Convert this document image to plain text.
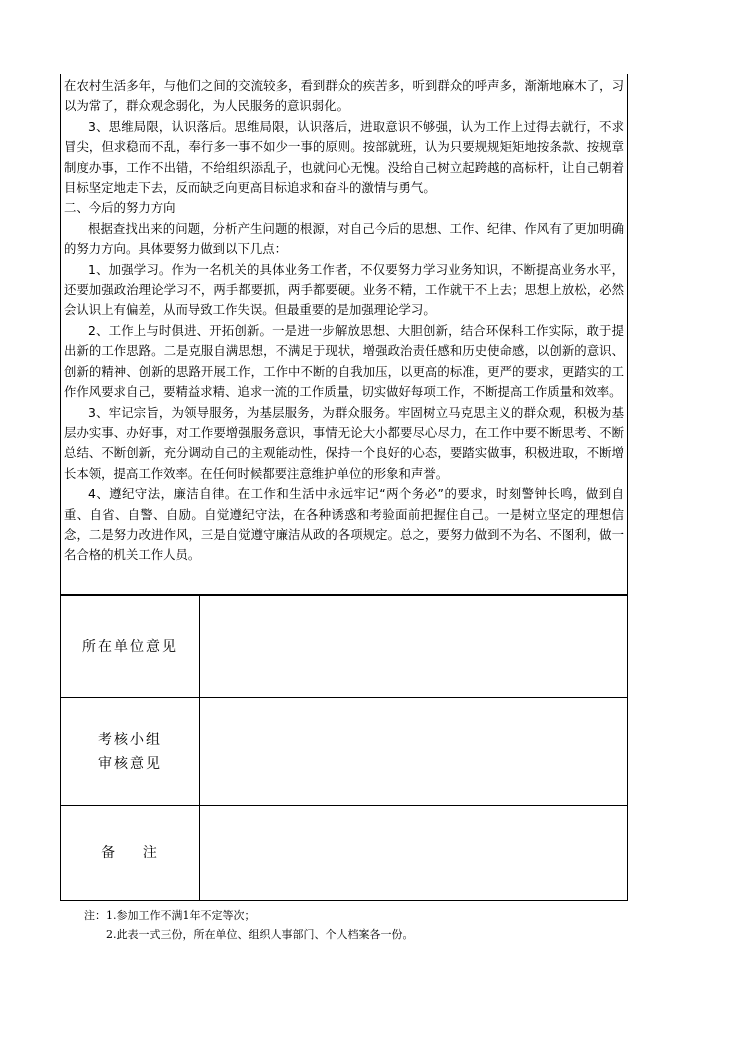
在农村生活多年，与他们之间的交流较多，看到群众的疾苦多，听到群众的呼声多，渐渐地麻木了，习以为常了，群众观念弱化，为人民服务的意识弱化。

3、思维局限，认识落后。思维局限，认识落后，进取意识不够强，认为工作上过得去就行，不求冒尖，但求稳而不乱，奉行多一事不如少一事的原则。按部就班，认为只要规规矩矩地按条款、按规章制度办事，工作不出错，不给组织添乱子，也就问心无愧。没给自己树立起跨越的高标杆，让自己朝着目标坚定地走下去，反而缺乏向更高目标追求和奋斗的激情与勇气。

二、今后的努力方向

根据查找出来的问题，分析产生问题的根源，对自己今后的思想、工作、纪律、作风有了更加明确的努力方向。具体要努力做到以下几点：

1、加强学习。作为一名机关的具体业务工作者，不仅要努力学习业务知识，不断提高业务水平，还要加强政治理论学习不，两手都要抓，两手都要硬。业务不精，工作就干不上去；思想上放松，必然会认识上有偏差，从而导致工作失误。但最重要的是加强理论学习。

2、工作上与时俱进、开拓创新。一是进一步解放思想、大胆创新，结合环保科工作实际，敢于提出新的工作思路。二是克服自满思想，不满足于现状，增强政治责任感和历史使命感，以创新的意识、创新的精神、创新的思路开展工作，工作中不断的自我加压，以更高的标准，更严的要求，更踏实的工作作风要求自己，要精益求精、追求一流的工作质量，切实做好每项工作，不断提高工作质量和效率。

3、牢记宗旨，为领导服务，为基层服务，为群众服务。牢固树立马克思主义的群众观，积极为基层办实事、办好事，对工作要增强服务意识，事情无论大小都要尽心尽力，在工作中要不断思考、不断总结、不断创新，充分调动自己的主观能动性，保持一个良好的心态，要踏实做事，积极进取，不断增长本领，提高工作效率。在任何时候都要注意维护单位的形象和声誉。

4、遵纪守法，廉洁自律。在工作和生活中永远牢记“两个务必”的要求，时刻警钟长鸣，做到自重、自省、自警、自励。自觉遵纪守法，在各种诱惑和考验面前把握住自己。一是树立坚定的理想信念，二是努力改进作风，三是自觉遵守廉洁从政的各项规定。总之，要努力做到不为名、不图利，做一名合格的机关工作人员。

所在单位意见
考核小组
审核意见
备    注
注：1.参加工作不满1年不定等次；
2.此表一式三份，所在单位、组织人事部门、个人档案各一份。
